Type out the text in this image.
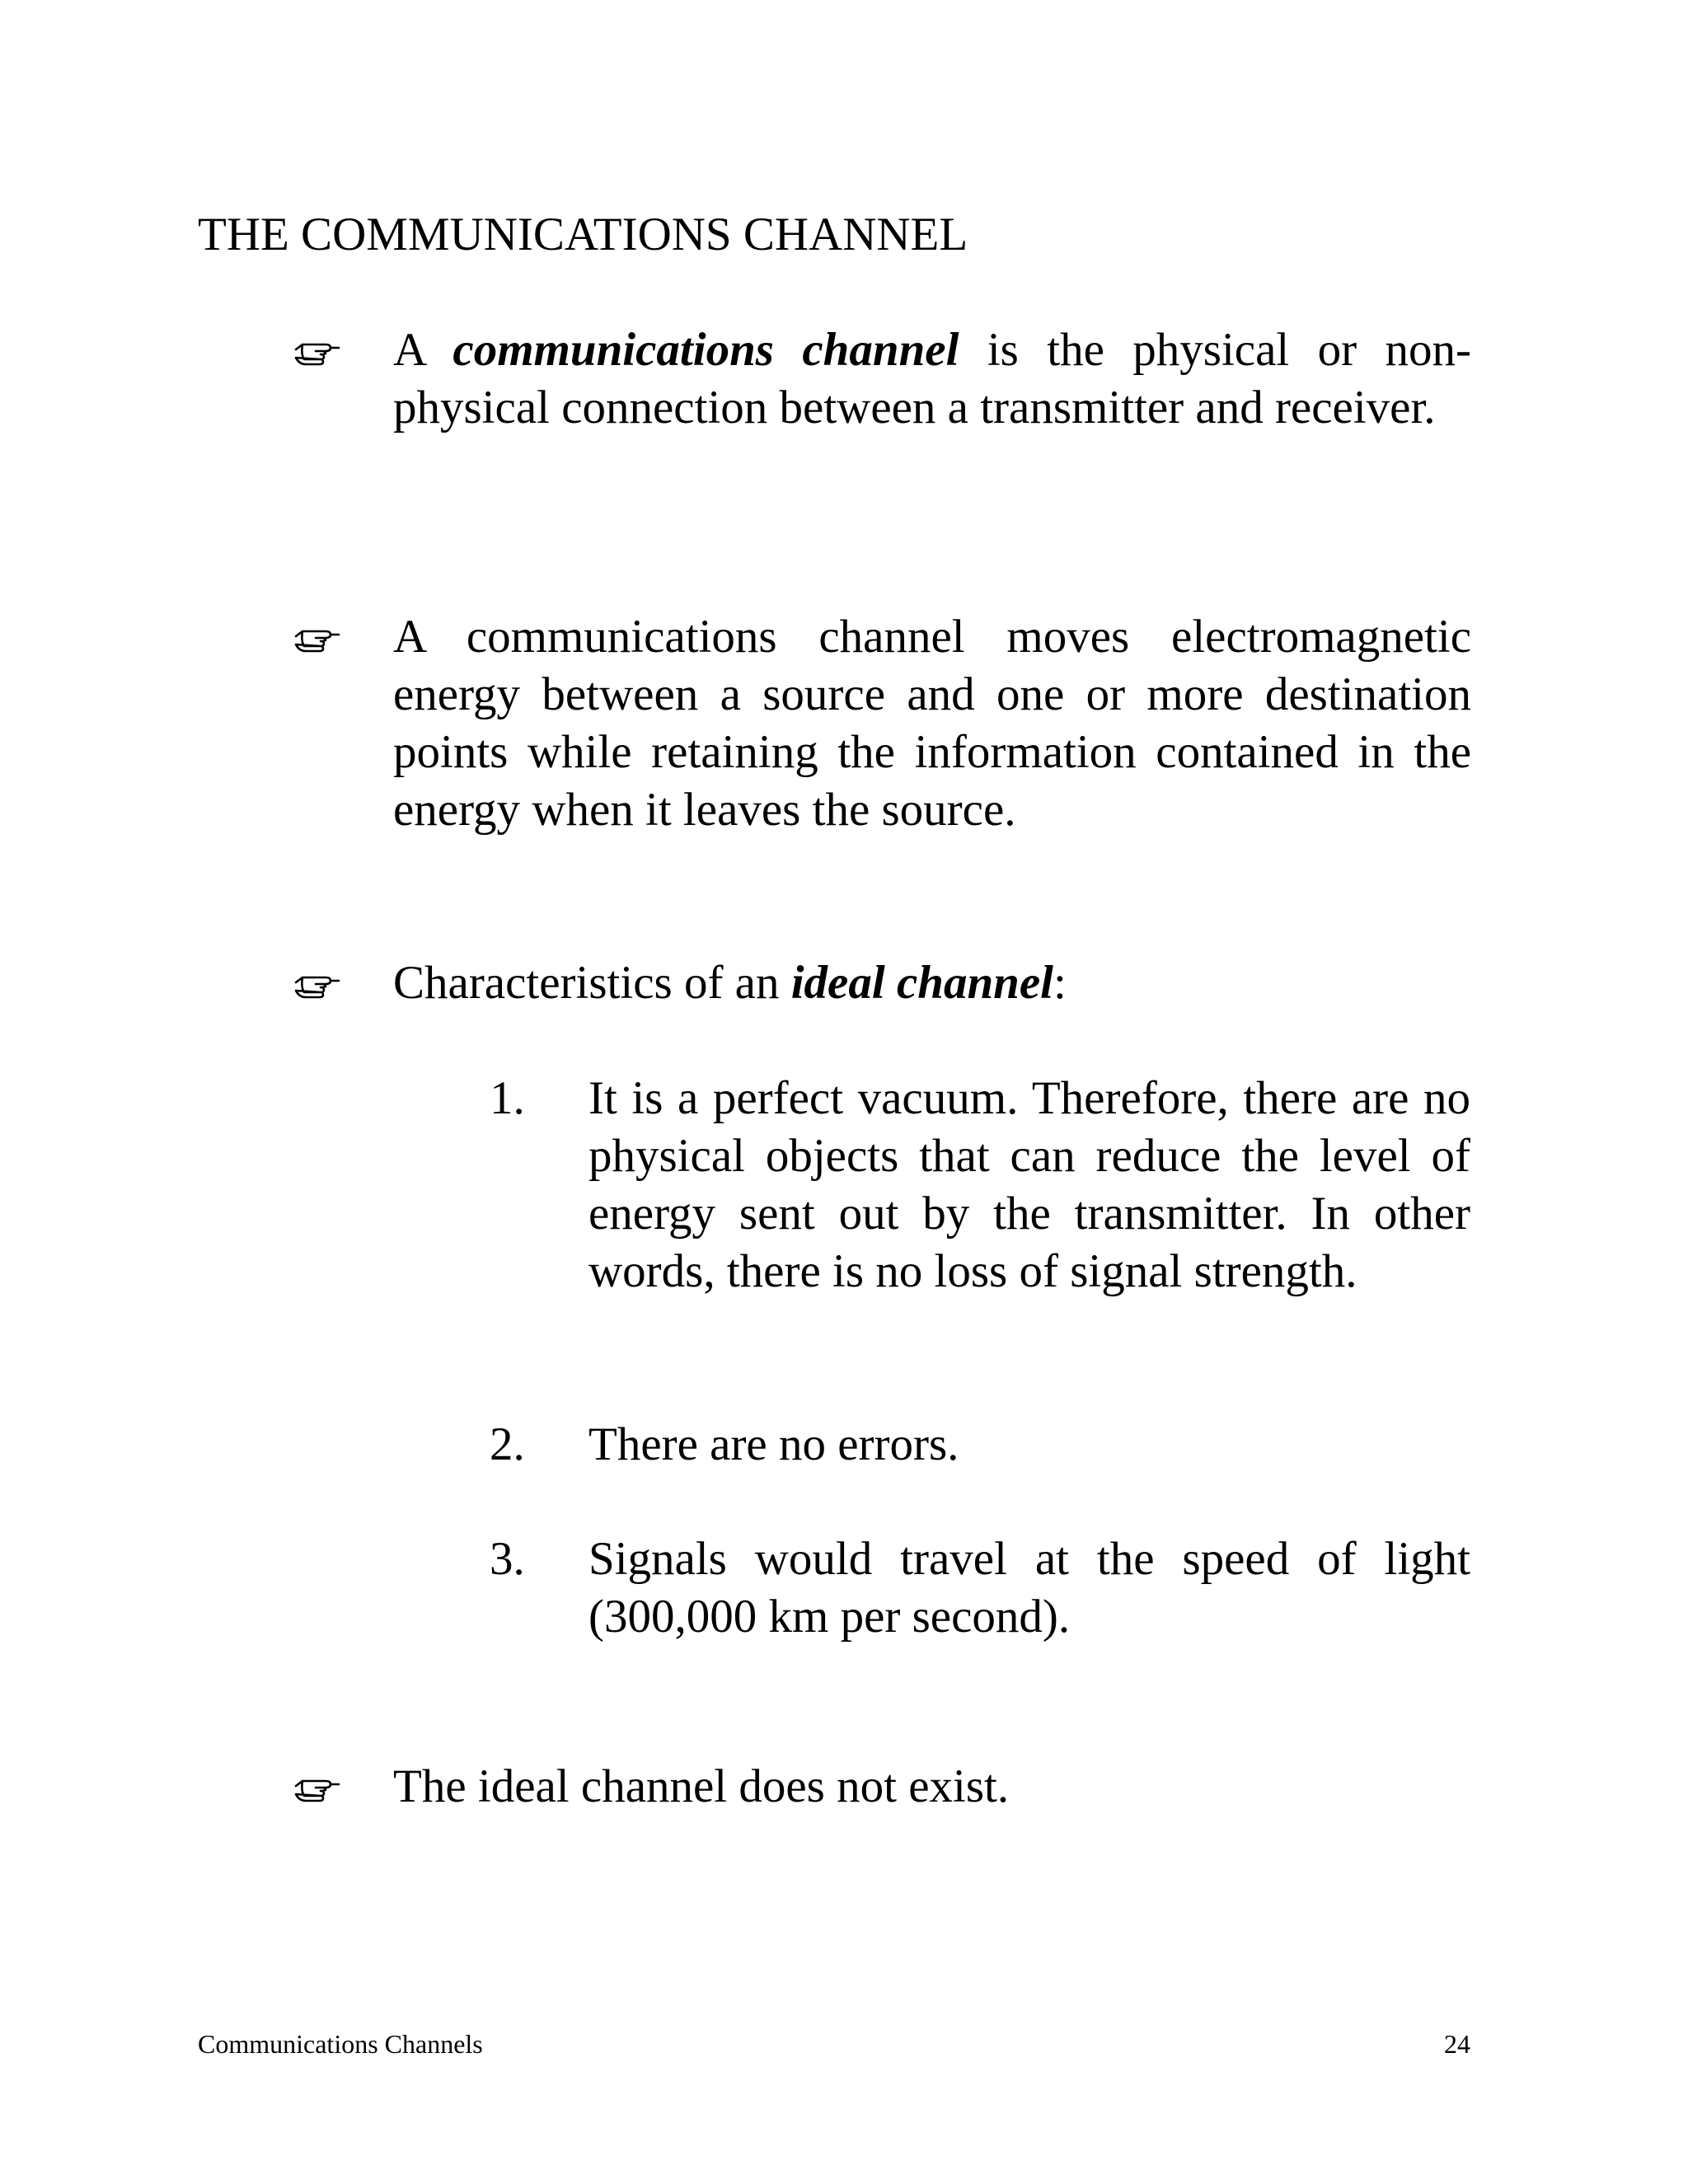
THE COMMUNICATIONS CHANNEL
A communications channel is the physical or non-physical connection between a transmitter and receiver.
A communications channel moves electromagnetic energy between a source and one or more destination points while retaining the information contained in the energy when it leaves the source.
Characteristics of an ideal channel:
1. It is a perfect vacuum. Therefore, there are no physical objects that can reduce the level of energy sent out by the transmitter. In other words, there is no loss of signal strength.
2. There are no errors.
3. Signals would travel at the speed of light (300,000 km per second).
The ideal channel does not exist.
Communications Channels	24
